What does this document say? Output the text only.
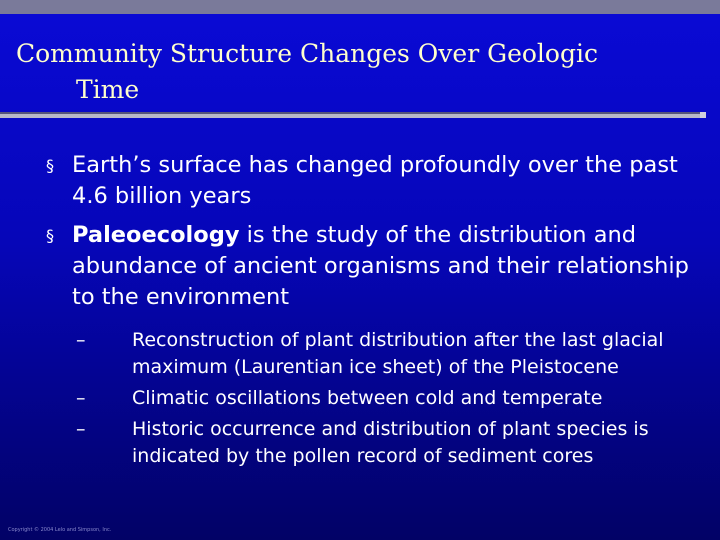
Community Structure Changes Over Geologic
Time

§ Earth’s surface has changed profoundly over the past 4.6 billion years

§ Paleoecology is the study of the distribution and abundance of ancient organisms and their relationship to the environment

– Reconstruction of plant distribution after the last glacial maximum (Laurentian ice sheet) of the Pleistocene

– Climatic oscillations between cold and temperate

– Historic occurrence and distribution of plant species is indicated by the pollen record of sediment cores

Copyright © 2004 Lelo and Simpson, Inc.
